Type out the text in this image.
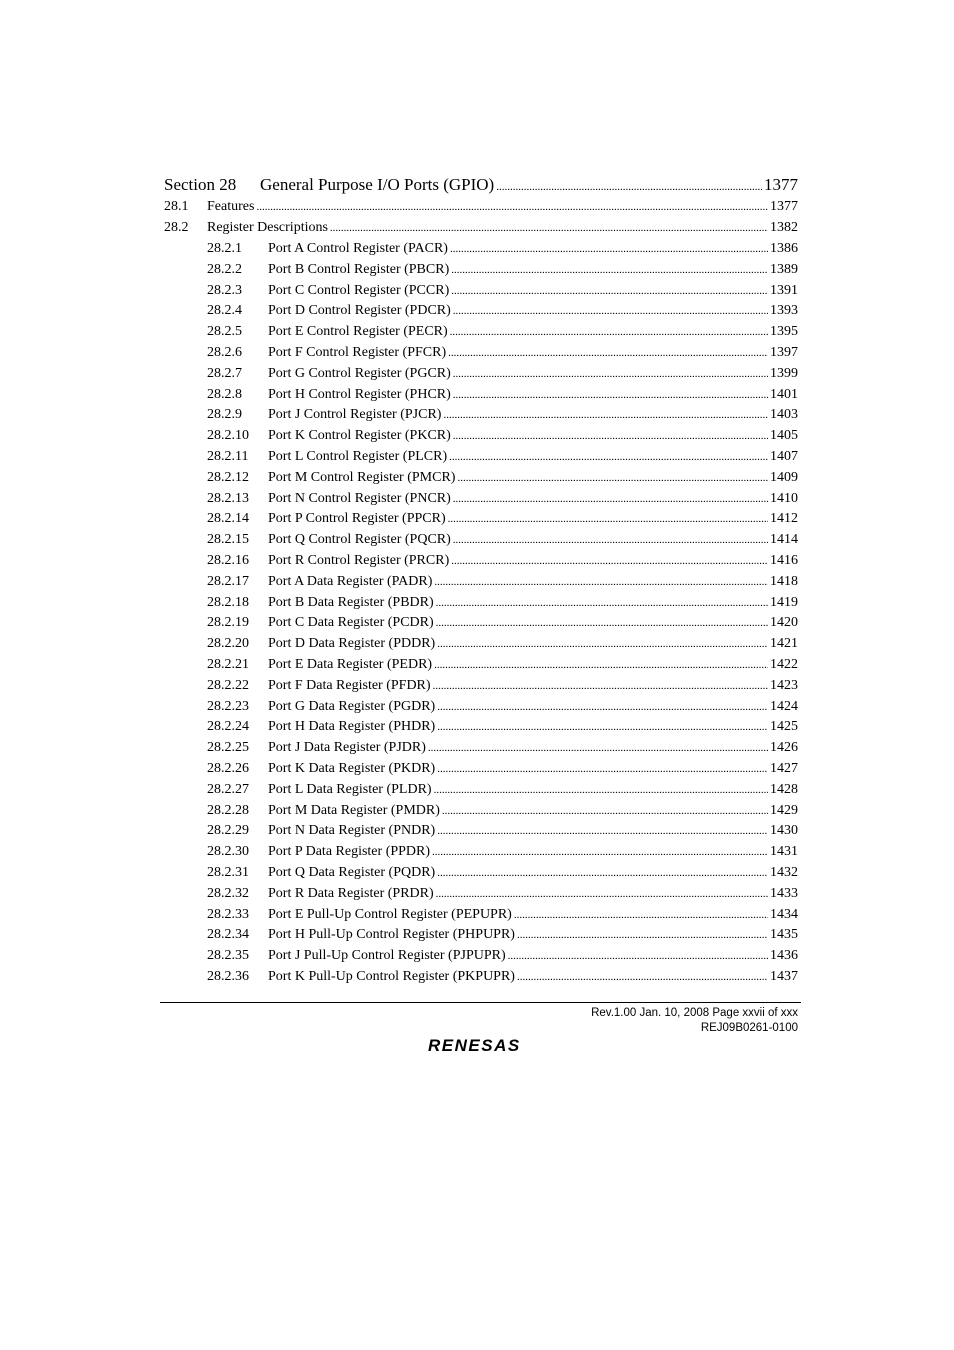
Section 28	General Purpose I/O Ports (GPIO) .....	1377
28.1	Features .....	1377
28.2	Register Descriptions .....	1382
28.2.1	Port A Control Register (PACR) .....	1386
28.2.2	Port B Control Register (PBCR) .....	1389
28.2.3	Port C Control Register (PCCR) .....	1391
28.2.4	Port D Control Register (PDCR) .....	1393
28.2.5	Port E Control Register (PECR) .....	1395
28.2.6	Port F Control Register (PFCR) .....	1397
28.2.7	Port G Control Register (PGCR) .....	1399
28.2.8	Port H Control Register (PHCR) .....	1401
28.2.9	Port J Control Register (PJCR) .....	1403
28.2.10	Port K Control Register (PKCR) .....	1405
28.2.11	Port L Control Register (PLCR) .....	1407
28.2.12	Port M Control Register (PMCR) .....	1409
28.2.13	Port N Control Register (PNCR) .....	1410
28.2.14	Port P Control Register (PPCR) .....	1412
28.2.15	Port Q Control Register (PQCR) .....	1414
28.2.16	Port R Control Register (PRCR) .....	1416
28.2.17	Port A Data Register (PADR) .....	1418
28.2.18	Port B Data Register (PBDR) .....	1419
28.2.19	Port C Data Register (PCDR) .....	1420
28.2.20	Port D Data Register (PDDR) .....	1421
28.2.21	Port E Data Register (PEDR) .....	1422
28.2.22	Port F Data Register (PFDR) .....	1423
28.2.23	Port G Data Register (PGDR) .....	1424
28.2.24	Port H Data Register (PHDR) .....	1425
28.2.25	Port J Data Register (PJDR) .....	1426
28.2.26	Port K Data Register (PKDR) .....	1427
28.2.27	Port L Data Register (PLDR) .....	1428
28.2.28	Port M Data Register (PMDR) .....	1429
28.2.29	Port N Data Register (PNDR) .....	1430
28.2.30	Port P Data Register (PPDR) .....	1431
28.2.31	Port Q Data Register (PQDR) .....	1432
28.2.32	Port R Data Register (PRDR) .....	1433
28.2.33	Port E Pull-Up Control Register (PEPUPR) .....	1434
28.2.34	Port H Pull-Up Control Register (PHPUPR) .....	1435
28.2.35	Port J Pull-Up Control Register (PJPUPR) .....	1436
28.2.36	Port K Pull-Up Control Register (PKPUPR) .....	1437
Rev.1.00 Jan. 10, 2008 Page xxvii of xxx
REJ09B0261-0100
RENESAS
